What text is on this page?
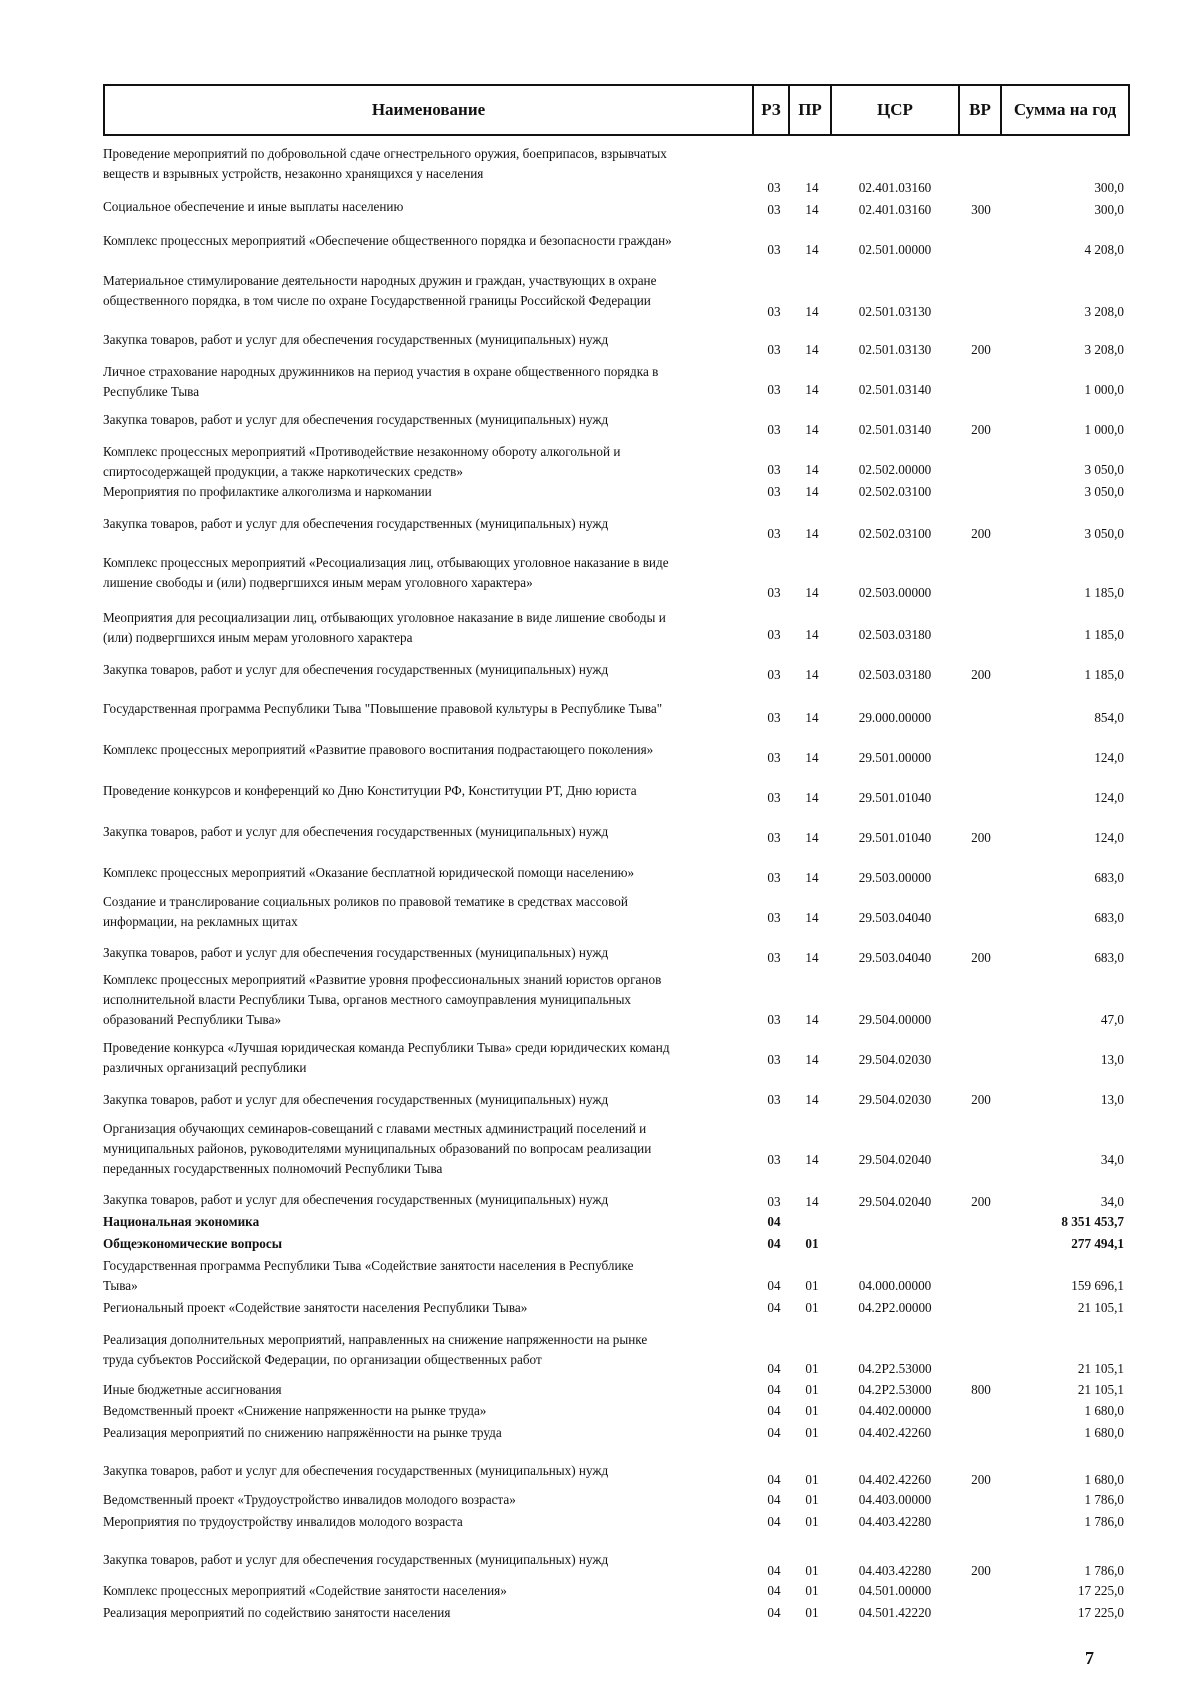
Наименование	РЗ	ПР	ЦСР	ВР	Сумма на год
Проведение мероприятий по добровольной сдаче огнестрельного оружия, боеприпасов, взрывчатых
веществ и взрывных устройств, незаконно хранящихся у населения
03	14	02.401.03160	300,0
Социальное обеспечение и иные выплаты населению	03	14	02.401.03160	300	300,0
Комплекс процессных мероприятий «Обеспечение общественного порядка и безопасности граждан»
03	14	02.501.00000	4 208,0
Материальное стимулирование деятельности народных дружин и граждан, участвующих в охране
общественного порядка, в том числе по охране Государственной границы Российской Федерации
03	14	02.501.03130	3 208,0
Закупка товаров, работ и услуг для обеспечения государственных (муниципальных) нужд
03	14	02.501.03130	200	3 208,0
Личное страхование народных дружинников на период участия в охране общественного порядка в
Республике Тыва	03	14	02.501.03140	1 000,0
Закупка товаров, работ и услуг для обеспечения государственных (муниципальных) нужд
03	14	02.501.03140	200	1 000,0
Комплекс процессных мероприятий «Противодействие незаконному обороту алкогольной и
спиртосодержащей продукции, а также наркотических средств»	03	14	02.502.00000	3 050,0
Мероприятия по профилактике алкоголизма и наркомании	03	14	02.502.03100	3 050,0
Закупка товаров, работ и услуг для обеспечения государственных (муниципальных) нужд
03	14	02.502.03100	200	3 050,0
Комплекс процессных мероприятий «Ресоциализация лиц, отбывающих уголовное наказание в виде
лишение свободы и (или) подвергшихся иным мерам уголовного характера»
03	14	02.503.00000	1 185,0
Меоприятия для ресоциализации лиц, отбывающих уголовное наказание в виде лишение свободы и
(или) подвергшихся иным мерам уголовного характера	03	14	02.503.03180	1 185,0
Закупка товаров, работ и услуг для обеспечения государственных (муниципальных) нужд	03	14	02.503.03180	200	1 185,0
Государственная программа Республики Тыва "Повышение правовой культуры в Республике Тыва"
03	14	29.000.00000	854,0
Комплекс процессных мероприятий «Развитие правового воспитания подрастающего поколения»
03	14	29.501.00000	124,0
Проведение конкурсов и конференций ко Дню Конституции РФ, Конституции РТ, Дню юриста	03	14	29.501.01040	124,0
Закупка товаров, работ и услуг для обеспечения государственных (муниципальных) нужд	03	14	29.501.01040	200	124,0
Комплекс процессных мероприятий «Оказание бесплатной юридической помощи населению»	03	14	29.503.00000	683,0
Создание и транслирование социальных роликов по правовой тематике в средствах массовой
информации, на рекламных щитах	03	14	29.503.04040	683,0
Закупка товаров, работ и услуг для обеспечения государственных (муниципальных) нужд	03	14	29.503.04040	200	683,0
Комплекс процессных мероприятий «Развитие уровня профессиональных знаний юристов органов
исполнительной власти Республики Тыва, органов местного самоуправления муниципальных
образований Республики Тыва»	03	14	29.504.00000	47,0
Проведение конкурса «Лучшая юридическая команда Республики Тыва» среди юридических команд
различных организаций республики
03	14	29.504.02030	13,0
Закупка товаров, работ и услуг для обеспечения государственных (муниципальных) нужд	03	14	29.504.02030	200	13,0
Организация обучающих семинаров-совещаний с главами местных администраций поселений и
муниципальных районов, руководителями муниципальных образований по вопросам реализации
переданных государственных полномочий Республики Тыва
03	14	29.504.02040	34,0
Закупка товаров, работ и услуг для обеспечения государственных (муниципальных) нужд	03	14	29.504.02040	200	34,0
Национальная экономика	04	8 351 453,7
Общеэкономические вопросы	04	01	277 494,1
Государственная программа Республики Тыва «Содействие занятости населения в Республике
Тыва»	04	01	04.000.00000	159 696,1
Региональный проект «Содействие занятости населения Республики Тыва»	04	01	04.2Р2.00000	21 105,1
Реализация дополнительных мероприятий, направленных на снижение напряженности на рынке
труда субъектов Российской Федерации, по организации общественных работ
04	01	04.2Р2.53000	21 105,1
Иные бюджетные ассигнования	04	01	04.2Р2.53000	800	21 105,1
Ведомственный проект «Снижение напряженности на рынке труда»	04	01	04.402.00000	1 680,0
Реализация мероприятий по снижению напряжённости на рынке труда	04	01	04.402.42260	1 680,0
Закупка товаров, работ и услуг для обеспечения государственных (муниципальных) нужд
04	01	04.402.42260	200	1 680,0
Ведомственный проект «Трудоустройство инвалидов молодого возраста»	04	01	04.403.00000	1 786,0
Мероприятия по трудоустройству инвалидов молодого возраста	04	01	04.403.42280	1 786,0
Закупка товаров, работ и услуг для обеспечения государственных (муниципальных) нужд
04	01	04.403.42280	200	1 786,0
Комплекс процессных мероприятий «Содействие занятости населения»	04	01	04.501.00000	17 225,0
Реализация мероприятий по содействию занятости населения	04	01	04.501.42220	17 225,0
7
